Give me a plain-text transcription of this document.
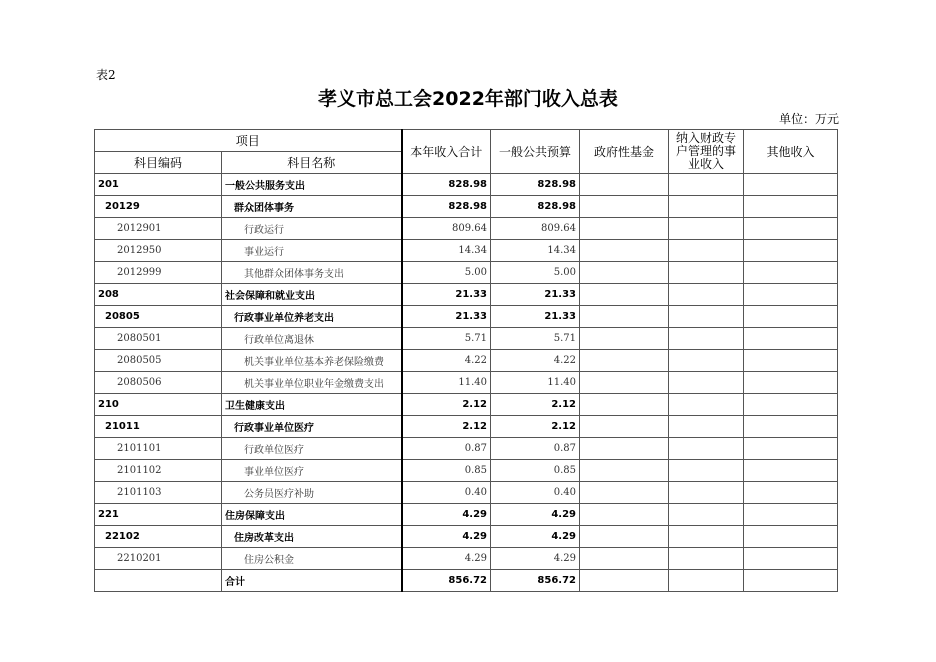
表2
孝义市总工会2022年部门收入总表
单位：万元
项目		本年收入合计	一般公共预算	政府性基金	纳入财政专户管理的事业收入	其他收入
科目编码	科目名称					
201	一般公共服务支出	828.98	828.98			
20129	群众团体事务	828.98	828.98			
2012901	行政运行	809.64	809.64			
2012950	事业运行	14.34	14.34			
2012999	其他群众团体事务支出	5.00	5.00			
208	社会保障和就业支出	21.33	21.33			
20805	行政事业单位养老支出	21.33	21.33			
2080501	行政单位离退休	5.71	5.71			
2080505	机关事业单位基本养老保险缴费	4.22	4.22			
2080506	机关事业单位职业年金缴费支出	11.40	11.40			
210	卫生健康支出	2.12	2.12			
21011	行政事业单位医疗	2.12	2.12			
2101101	行政单位医疗	0.87	0.87			
2101102	事业单位医疗	0.85	0.85			
2101103	公务员医疗补助	0.40	0.40			
221	住房保障支出	4.29	4.29			
22102	住房改革支出	4.29	4.29			
2210201	住房公积金	4.29	4.29			
	合计	856.72	856.72			
